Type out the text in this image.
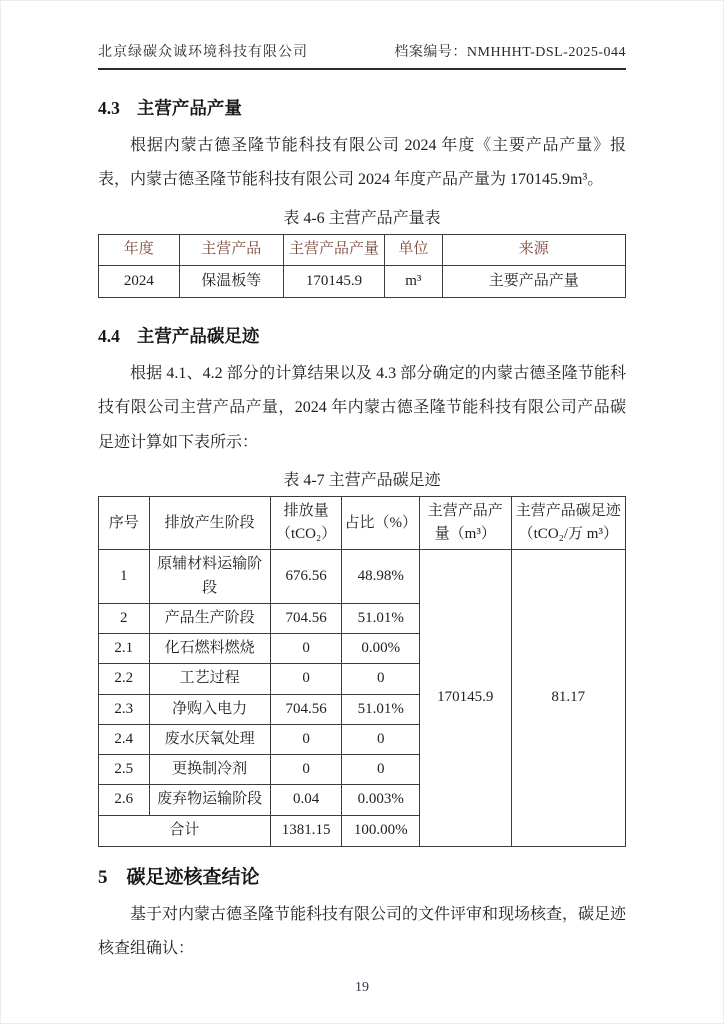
北京绿碳众诚环境科技有限公司	档案编号：NMHHHT-DSL-2025-044
4.3 主营产品产量

根据内蒙古德圣隆节能科技有限公司 2024 年度《主要产品产量》报表，内蒙古德圣隆节能科技有限公司 2024 年度产品产量为 170145.9m³。

表 4-6 主营产品产量表
年度	主营产品	主营产品产量	单位	来源
2024	保温板等	170145.9	m³	主要产品产量
4.4 主营产品碳足迹

根据 4.1、4.2 部分的计算结果以及 4.3 部分确定的内蒙古德圣隆节能科技有限公司主营产品产量，2024 年内蒙古德圣隆节能科技有限公司产品碳足迹计算如下表所示：

表 4-7 主营产品碳足迹
序号	排放产生阶段	排放量（tCO₂）	占比（%）	主营产品产量（m³）	主营产品碳足迹（tCO₂/万 m³）
1	原辅材料运输阶段	676.56	48.98%	170145.9	81.17
2	产品生产阶段	704.56	51.01%		
2.1	化石燃料燃烧	0	0.00%		
2.2	工艺过程	0	0		
2.3	净购入电力	704.56	51.01%		
2.4	废水厌氧处理	0	0		
2.5	更换制冷剂	0	0		
2.6	废弃物运输阶段	0.04	0.003%		
合计		1381.15	100.00%		
5 碳足迹核查结论

基于对内蒙古德圣隆节能科技有限公司的文件评审和现场核查，碳足迹核查组确认：

19
